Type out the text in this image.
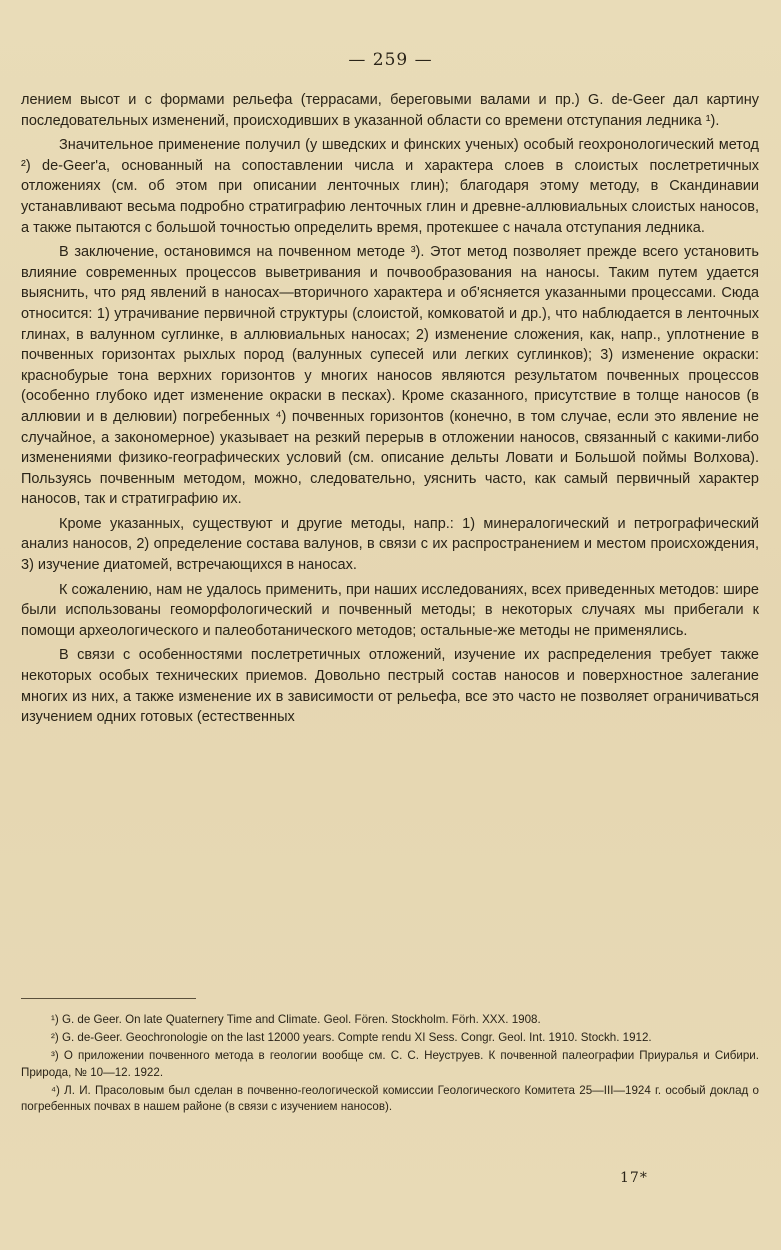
— 259 —

лением высот и с формами рельефа (террасами, береговыми валами и пр.) G. de-Geer дал картину последовательных изменений, происходивших в указанной области со времени отступания ледника ¹).

Значительное применение получил (у шведских и финских ученых) особый геохронологический метод ²) de-Geer'a, основанный на сопоставлении числа и характера слоев в слоистых послетретичных отложениях (см. об этом при описании ленточных глин); благодаря этому методу, в Скандинавии устанавливают весьма подробно стратиграфию ленточных глин и древне-аллювиальных слоистых наносов, а также пытаются с большой точностью определить время, протекшее с начала отступания ледника.

В заключение, остановимся на почвенном методе ³). Этот метод позволяет прежде всего установить влияние современных процессов выветривания и почвообразования на наносы. Таким путем удается выяснить, что ряд явлений в наносах—вторичного характера и об'ясняется указанными процессами. Сюда относится: 1) утрачивание первичной структуры (слоистой, комковатой и др.), что наблюдается в ленточных глинах, в валунном суглинке, в аллювиальных наносах; 2) изменение сложения, как, напр., уплотнение в почвенных горизонтах рыхлых пород (валунных супесей или легких суглинков); 3) изменение окраски: краснобурые тона верхних горизонтов у многих наносов являются результатом почвенных процессов (особенно глубоко идет изменение окраски в песках). Кроме сказанного, присутствие в толще наносов (в аллювии и в делювии) погребенных ⁴) почвенных горизонтов (конечно, в том случае, если это явление не случайное, а закономерное) указывает на резкий перерыв в отложении наносов, связанный с какими-либо изменениями физико-географических условий (см. описание дельты Ловати и Большой поймы Волхова). Пользуясь почвенным методом, можно, следовательно, уяснить часто, как самый первичный характер наносов, так и стратиграфию их.

Кроме указанных, существуют и другие методы, напр.: 1) минералогический и петрографический анализ наносов, 2) определение состава валунов, в связи с их распространением и местом происхождения, 3) изучение диатомей, встречающихся в наносах.

К сожалению, нам не удалось применить, при наших исследованиях, всех приведенных методов: шире были использованы геоморфологический и почвенный методы; в некоторых случаях мы прибегали к помощи археологического и палеоботанического методов; остальные-же методы не применялись.

В связи с особенностями послетретичных отложений, изучение их распределения требует также некоторых особых технических приемов. Довольно пестрый состав наносов и поверхностное залегание многих из них, а также изменение их в зависимости от рельефа, все это часто не позволяет ограничиваться изучением одних готовых (естественных

¹) G. de Geer. On late Quaternery Time and Climate. Geol. Fören. Stockholm. Förh. XXX. 1908.

²) G. de-Geer. Geochronologie on the last 12000 years. Compte rendu XI Sess. Congr. Geol. Int. 1910. Stockh. 1912.

³) О приложении почвенного метода в геологии вообще см. С. С. Неуструев. К почвенной палеографии Приуралья и Сибири. Природа, № 10—12. 1922.

⁴) Л. И. Прасоловым был сделан в почвенно-геологической комиссии Геологического Комитета 25—III—1924 г. особый доклад о погребенных почвах в нашем районе (в связи с изучением наносов).

17*
